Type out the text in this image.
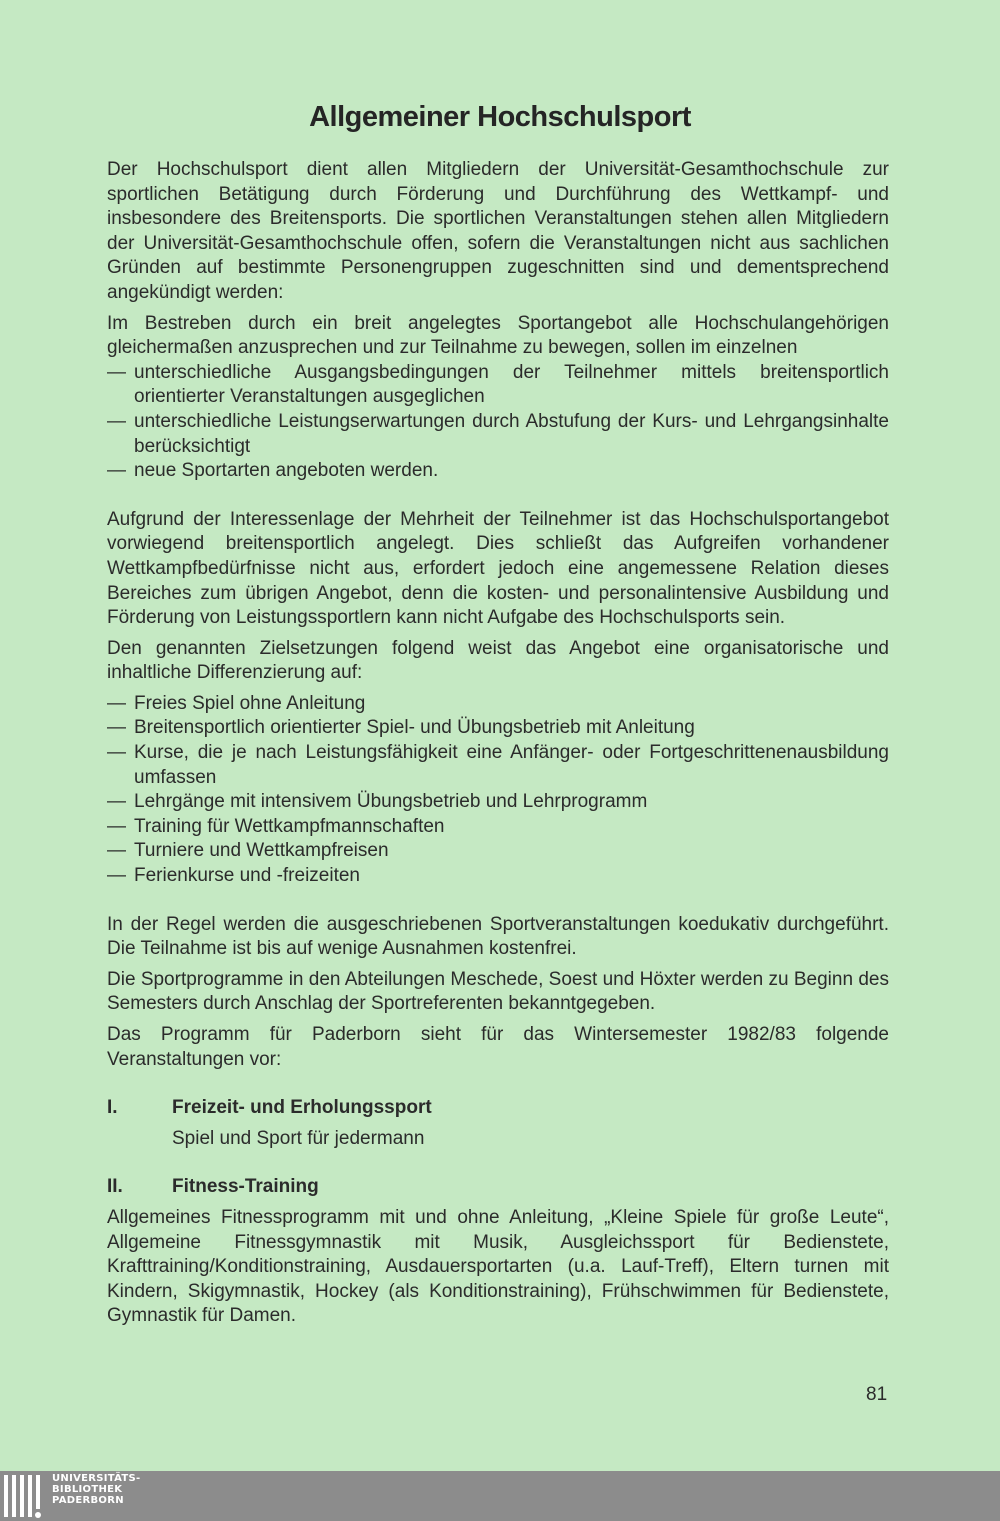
Allgemeiner Hochschulsport

Der Hochschulsport dient allen Mitgliedern der Universität-Gesamthochschule zur sportlichen Betätigung durch Förderung und Durchführung des Wettkampf- und insbesondere des Breitensports. Die sportlichen Veranstaltungen stehen allen Mitgliedern der Universität-Gesamthochschule offen, sofern die Veranstaltungen nicht aus sachlichen Gründen auf bestimmte Personengruppen zugeschnitten sind und dementsprechend angekündigt werden:

Im Bestreben durch ein breit angelegtes Sportangebot alle Hochschulangehörigen gleichermaßen anzusprechen und zur Teilnahme zu bewegen, sollen im einzelnen

— unterschiedliche Ausgangsbedingungen der Teilnehmer mittels breitensportlich orientierter Veranstaltungen ausgeglichen
— unterschiedliche Leistungserwartungen durch Abstufung der Kurs- und Lehrgangsinhalte berücksichtigt
— neue Sportarten angeboten werden.

Aufgrund der Interessenlage der Mehrheit der Teilnehmer ist das Hochschulsportangebot vorwiegend breitensportlich angelegt. Dies schließt das Aufgreifen vorhandener Wettkampfbedürfnisse nicht aus, erfordert jedoch eine angemessene Relation dieses Bereiches zum übrigen Angebot, denn die kosten- und personalintensive Ausbildung und Förderung von Leistungssportlern kann nicht Aufgabe des Hochschulsports sein.

Den genannten Zielsetzungen folgend weist das Angebot eine organisatorische und inhaltliche Differenzierung auf:

— Freies Spiel ohne Anleitung
— Breitensportlich orientierter Spiel- und Übungsbetrieb mit Anleitung
— Kurse, die je nach Leistungsfähigkeit eine Anfänger- oder Fortgeschrittenenausbildung umfassen
— Lehrgänge mit intensivem Übungsbetrieb und Lehrprogramm
— Training für Wettkampfmannschaften
— Turniere und Wettkampfreisen
— Ferienkurse und -freizeiten

In der Regel werden die ausgeschriebenen Sportveranstaltungen koedukativ durchgeführt. Die Teilnahme ist bis auf wenige Ausnahmen kostenfrei.

Die Sportprogramme in den Abteilungen Meschede, Soest und Höxter werden zu Beginn des Semesters durch Anschlag der Sportreferenten bekanntgegeben.

Das Programm für Paderborn sieht für das Wintersemester 1982/83 folgende Veranstaltungen vor:

I.	Freizeit- und Erholungssport

Spiel und Sport für jedermann

II.	Fitness-Training

Allgemeines Fitnessprogramm mit und ohne Anleitung, „Kleine Spiele für große Leute“, Allgemeine Fitnessgymnastik mit Musik, Ausgleichssport für Bedienstete, Krafttraining/Konditionstraining, Ausdauersportarten (u.a. Lauf-Treff), Eltern turnen mit Kindern, Skigymnastik, Hockey (als Konditionstraining), Frühschwimmen für Bedienstete, Gymnastik für Damen.

81
UNIVERSITÄTS-
BIBLIOTHEK
PADERBORN
